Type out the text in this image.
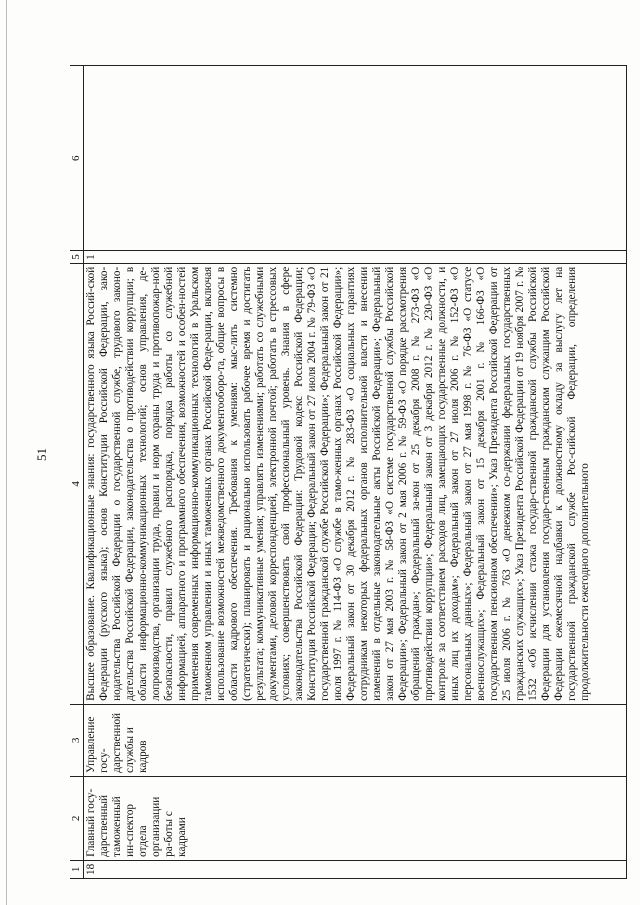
51
1	2	3	4	5	6
18	Главный госу-дарственный таможенный ин-спектор отдела организации ра-боты с кадрами	Управление госу-дарственной службы и кадров	Высшее образование. Квалификационные знания: государственного языка Россий-ской Федерации (русского языка); основ Конституции Российской Федерации, зако-нодательства Российской Федерации о государственной службе, трудового законо-дательства Российской Федерации, законодательства о противодействии коррупции; в области информационно-коммуникационных технологий; основ управления, де-лопроизводства, организации труда, правил и норм охраны труда и противопожар-ной безопасности, правил служебного распорядка, порядка работы со служебной информацией, аппаратного и программного обеспечения, возможностей и особен-ностей применения современных информационно-коммуникационных технологий в Уральском таможенном управлении и иных таможенных органах Российской Феде-рации, включая использование возможностей межведомственного документооборо-та, общие вопросы в области кадрового обеспечения. Требования к умениям: мыс-лить системно (стратегически); планировать и рационально использовать рабочее время и достигать результата; коммуникативные умения; управлять изменениями; работать со служебными документами, деловой корреспонденцией, электронной почтой; работать в стрессовых условиях; совершенствовать свой профессиональный уровень. Знания в сфере законодательства Российской Федерации: Трудовой кодекс Российской Федерации; Конституция Российской Федерации; Федеральный закон от 27 июля 2004 г. № 79-ФЗ «О государственной гражданской службе Российской Федерации»; Федеральный закон от 21 июля 1997 г. № 114-ФЗ «О службе в тамо-женных органах Российской Федерации»; Федеральный закон от 30 декабря 2012 г. № 283-ФЗ «О социальных гарантиях сотрудникам некоторых федеральных органов исполнительной власти и внесении изменений в отдельные законодательные акты Российской Федерации»; Федеральный закон от 27 мая 2003 г. № 58-ФЗ «О системе государственной службы Российской Федерации»; Федеральный закон от 2 мая 2006 г. № 59-ФЗ «О порядке рассмотрения обращений граждан»; Федеральный за-кон от 25 декабря 2008 г. № 273-ФЗ «О противодействии коррупции»; Федеральный закон от 3 декабря 2012 г. № 230-ФЗ «О контроле за соответствием расходов лиц, замещающих государственные должности, и иных лиц их доходам»; Федеральный закон от 27 июля 2006 г. № 152-ФЗ «О персональных данных»; Федеральный закон от 27 мая 1998 г. № 76-ФЗ «О статусе военнослужащих»; Федеральный закон от 15 декабря 2001 г. № 166-ФЗ «О государственном пенсионном обеспечении»; Указ Президента Российской Федерации от 25 июля 2006 г. № 763 «О денежном со-держании федеральных государственных гражданских служащих»; Указ Президента Российской Федерации от 19 ноября 2007 г. № 1532 «Об исчислении стажа государ-ственной гражданской службы Российской Федерации для установления государ-ственным гражданским служащим Российской Федерации ежемесячной надбавки к должностному окладу за выслугу лет на государственной гражданской службе Рос-сийской Федерации, определения продолжительности ежегодного дополнительного	1	
